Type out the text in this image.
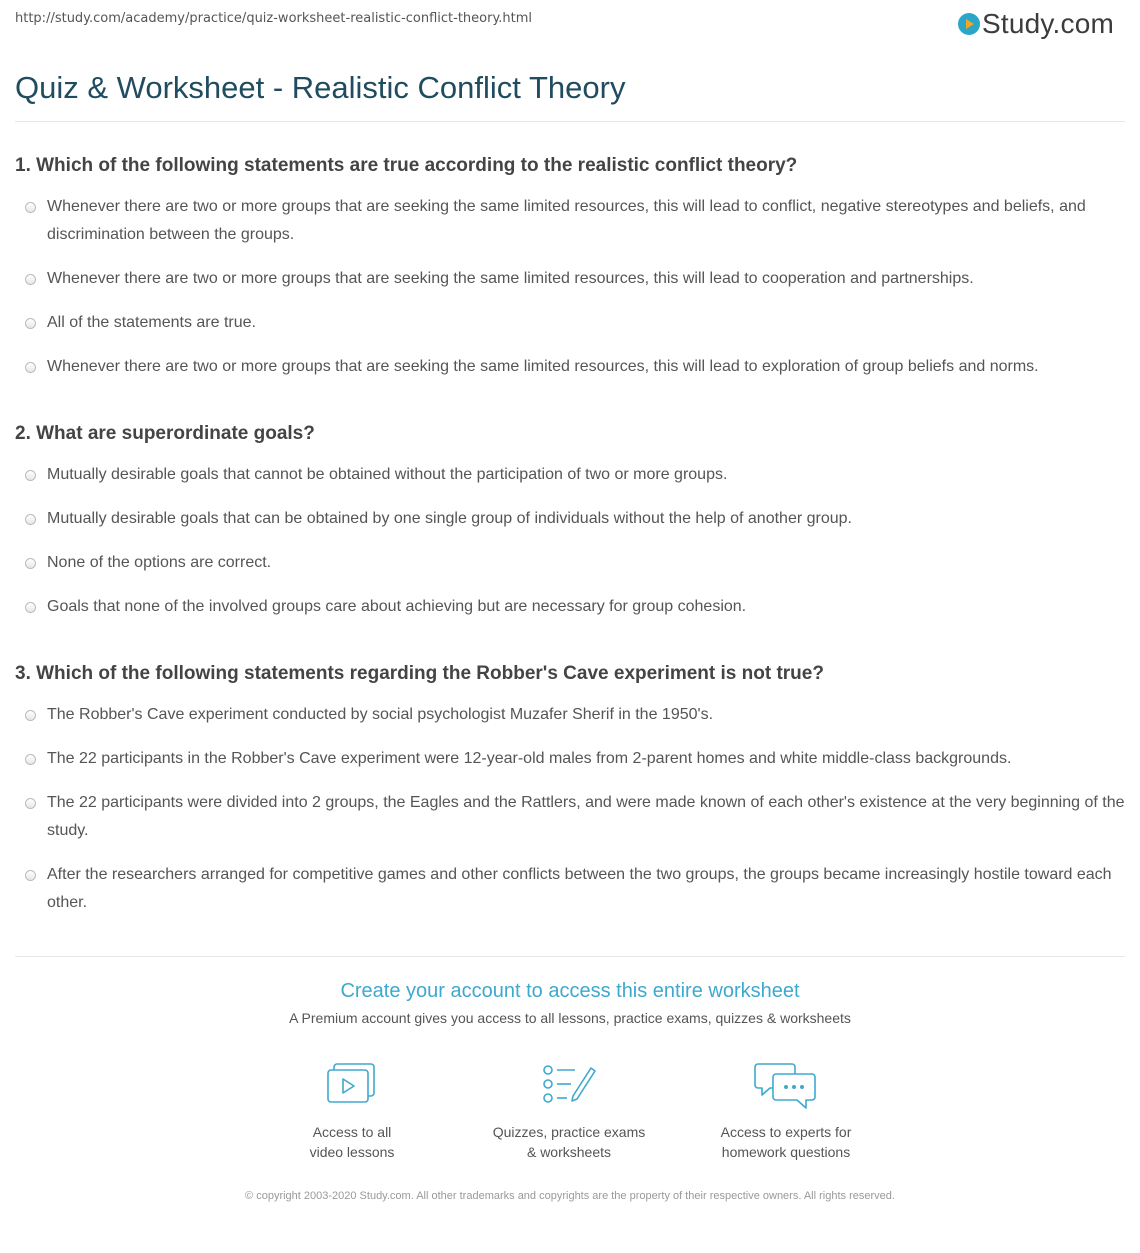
http://study.com/academy/practice/quiz-worksheet-realistic-conflict-theory.html	Study.com
Quiz & Worksheet - Realistic Conflict Theory
1. Which of the following statements are true according to the realistic conflict theory?
Whenever there are two or more groups that are seeking the same limited resources, this will lead to conflict, negative stereotypes and beliefs, and discrimination between the groups.
Whenever there are two or more groups that are seeking the same limited resources, this will lead to cooperation and partnerships.
All of the statements are true.
Whenever there are two or more groups that are seeking the same limited resources, this will lead to exploration of group beliefs and norms.
2. What are superordinate goals?
Mutually desirable goals that cannot be obtained without the participation of two or more groups.
Mutually desirable goals that can be obtained by one single group of individuals without the help of another group.
None of the options are correct.
Goals that none of the involved groups care about achieving but are necessary for group cohesion.
3. Which of the following statements regarding the Robber's Cave experiment is not true?
The Robber's Cave experiment conducted by social psychologist Muzafer Sherif in the 1950's.
The 22 participants in the Robber's Cave experiment were 12-year-old males from 2-parent homes and white middle-class backgrounds.
The 22 participants were divided into 2 groups, the Eagles and the Rattlers, and were made known of each other's existence at the very beginning of the study.
After the researchers arranged for competitive games and other conflicts between the two groups, the groups became increasingly hostile toward each other.
Create your account to access this entire worksheet
A Premium account gives you access to all lessons, practice exams, quizzes & worksheets
Access to all
video lessons
Quizzes, practice exams
& worksheets
Access to experts for
homework questions
© copyright 2003-2020 Study.com. All other trademarks and copyrights are the property of their respective owners. All rights reserved.
